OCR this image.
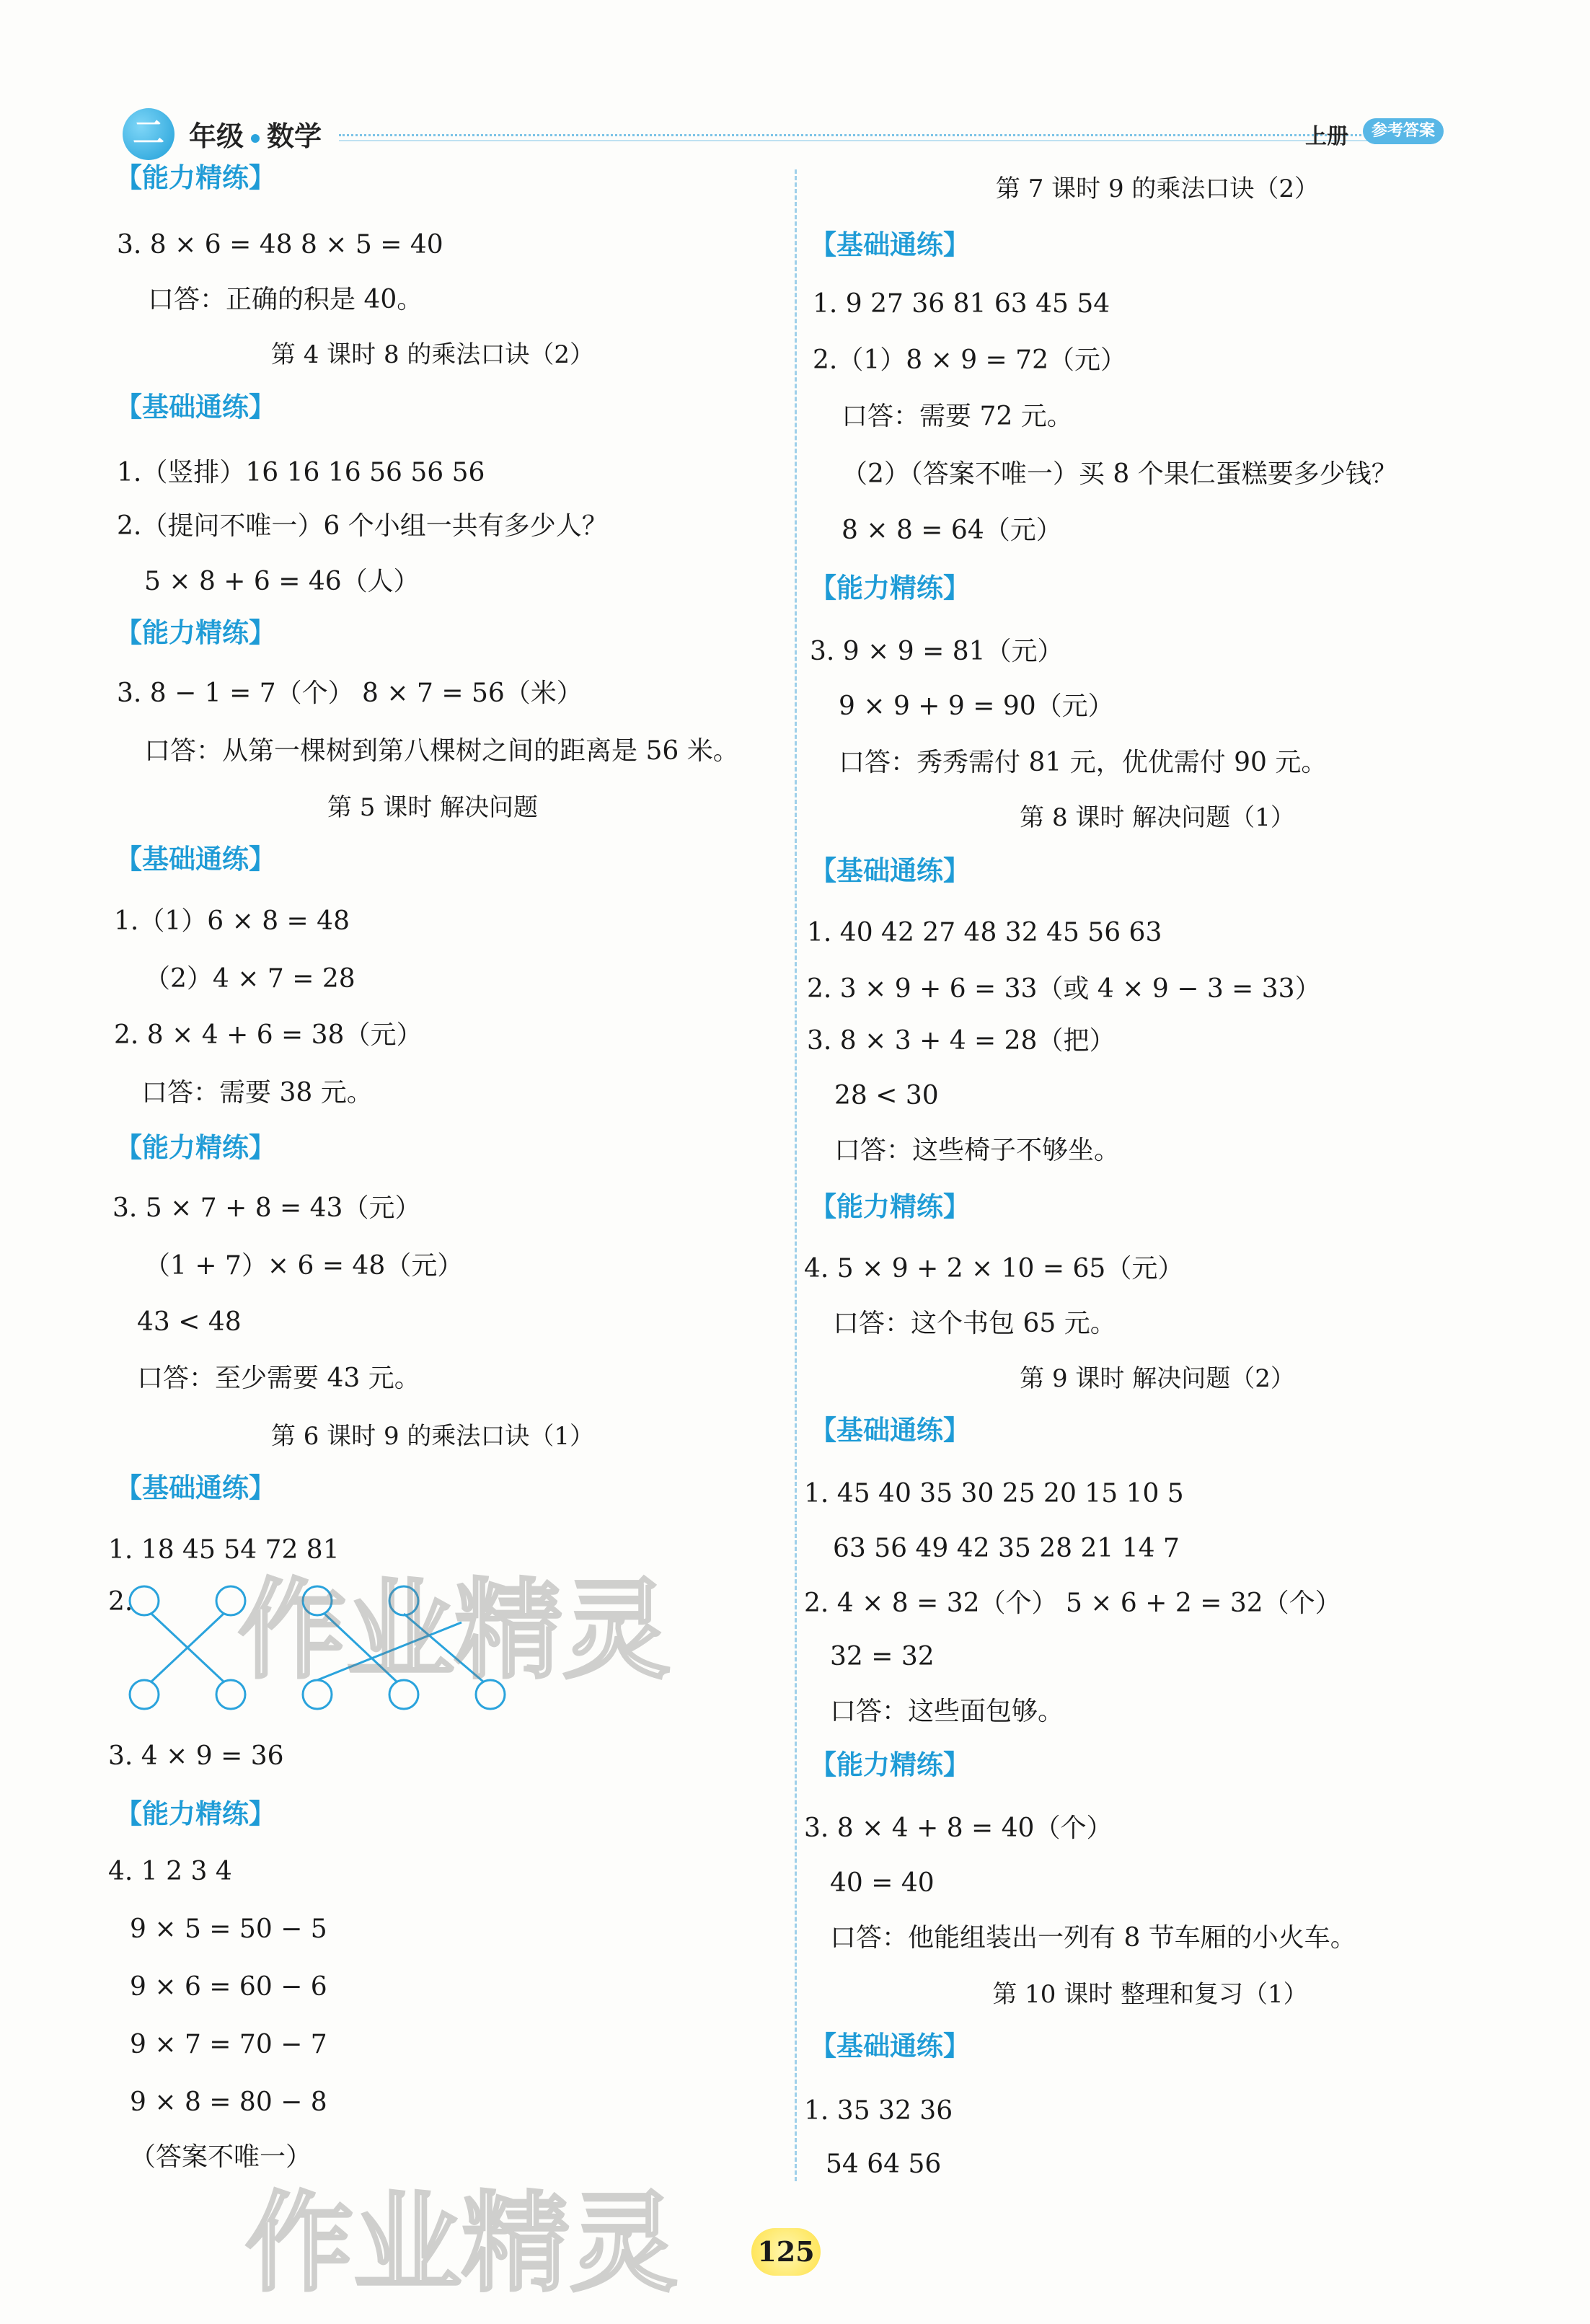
二 年级 数学	上册	参考答案
【能力精练】
3. 8 × 6 = 48 8 × 5 = 40
口答：正确的积是 40。
第 4 课时 8 的乘法口诀（2）
【基础通练】
1.（竖排）16 16 16 56 56 56
2.（提问不唯一）6 个小组一共有多少人？
5 × 8 + 6 = 46（人）
【能力精练】
3. 8 − 1 = 7（个） 8 × 7 = 56（米）
口答：从第一棵树到第八棵树之间的距离是 56 米。
第 5 课时 解决问题
【基础通练】
1.（1）6 × 8 = 48
（2）4 × 7 = 28
2. 8 × 4 + 6 = 38（元）
口答：需要 38 元。
【能力精练】
3. 5 × 7 + 8 = 43（元）
（1 + 7）× 6 = 48（元）
43 < 48
口答：至少需要 43 元。
第 6 课时 9 的乘法口诀（1）
【基础通练】
1. 18 45 54 72 81
2.
3. 4 × 9 = 36
【能力精练】
4. 1 2 3 4
9 × 5 = 50 − 5
9 × 6 = 60 − 6
9 × 7 = 70 − 7
9 × 8 = 80 − 8
（答案不唯一）
第 7 课时 9 的乘法口诀（2）
【基础通练】
1. 9 27 36 81 63 45 54
2.（1）8 × 9 = 72（元）
口答：需要 72 元。
（2）（答案不唯一）买 8 个果仁蛋糕要多少钱？
8 × 8 = 64（元）
【能力精练】
3. 9 × 9 = 81（元）
9 × 9 + 9 = 90（元）
口答：秀秀需付 81 元，优优需付 90 元。
第 8 课时 解决问题（1）
【基础通练】
1. 40 42 27 48 32 45 56 63
2. 3 × 9 + 6 = 33（或 4 × 9 − 3 = 33）
3. 8 × 3 + 4 = 28（把）
28 < 30
口答：这些椅子不够坐。
【能力精练】
4. 5 × 9 + 2 × 10 = 65（元）
口答：这个书包 65 元。
第 9 课时 解决问题（2）
【基础通练】
1. 45 40 35 30 25 20 15 10 5
63 56 49 42 35 28 21 14 7
2. 4 × 8 = 32（个） 5 × 6 + 2 = 32（个）
32 = 32
口答：这些面包够。
【能力精练】
3. 8 × 4 + 8 = 40（个）
40 = 40
口答：他能组装出一列有 8 节车厢的小火车。
第 10 课时 整理和复习（1）
【基础通练】
1. 35 32 36
54 64 56
作业精灵
作业精灵	125
